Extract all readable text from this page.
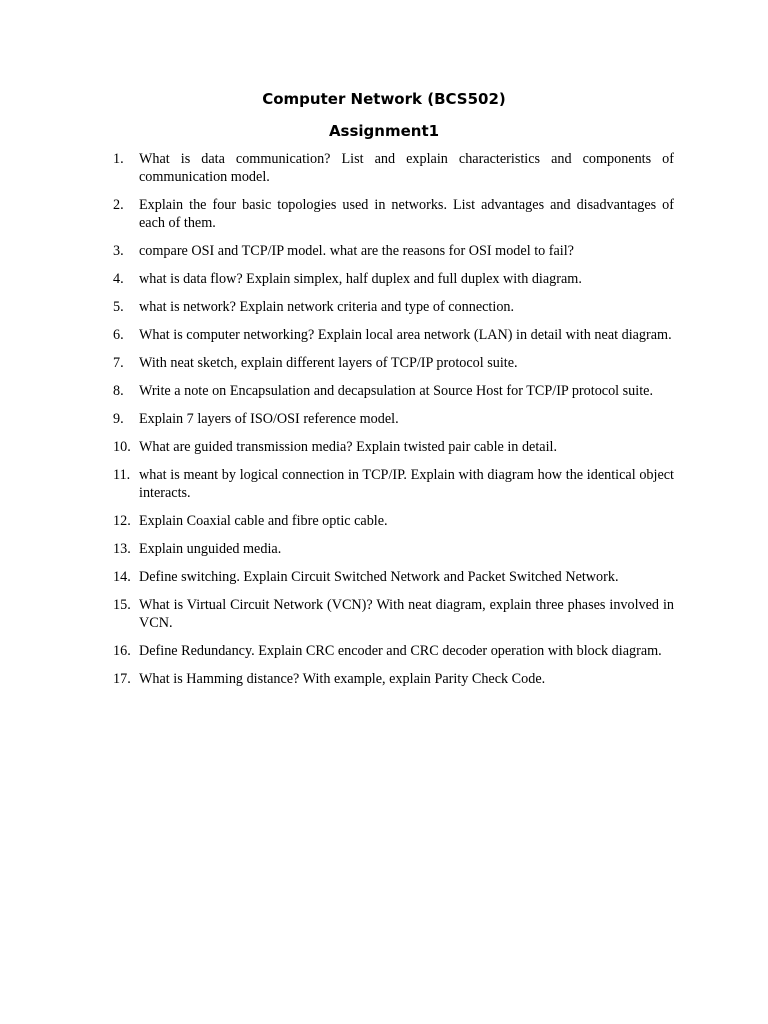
Computer Network (BCS502)
Assignment1
1.	What is data communication? List and explain characteristics and components of communication model.
2.	Explain the four basic topologies used in networks. List advantages and disadvantages of each of them.
3.	compare OSI and TCP/IP model. what are the reasons for OSI model to fail?
4.	what is data flow? Explain simplex, half duplex and full duplex with diagram.
5.	what is network? Explain network criteria and type of connection.
6.	What is computer networking? Explain local area network (LAN) in detail with neat diagram.
7.	With neat sketch, explain different layers of TCP/IP protocol suite.
8.	Write a note on Encapsulation and decapsulation at Source Host for TCP/IP protocol suite.
9.	Explain 7 layers of ISO/OSI reference model.
10. What are guided transmission media? Explain twisted pair cable in detail.
11. what is meant by logical connection in TCP/IP. Explain with diagram how the identical object interacts.
12. Explain Coaxial cable and fibre optic cable.
13. Explain unguided media.
14. Define switching. Explain Circuit Switched Network and Packet Switched Network.
15. What is Virtual Circuit Network (VCN)? With neat diagram, explain three phases involved in VCN.
16. Define Redundancy. Explain CRC encoder and CRC decoder operation with block diagram.
17. What is Hamming distance? With example, explain Parity Check Code.
